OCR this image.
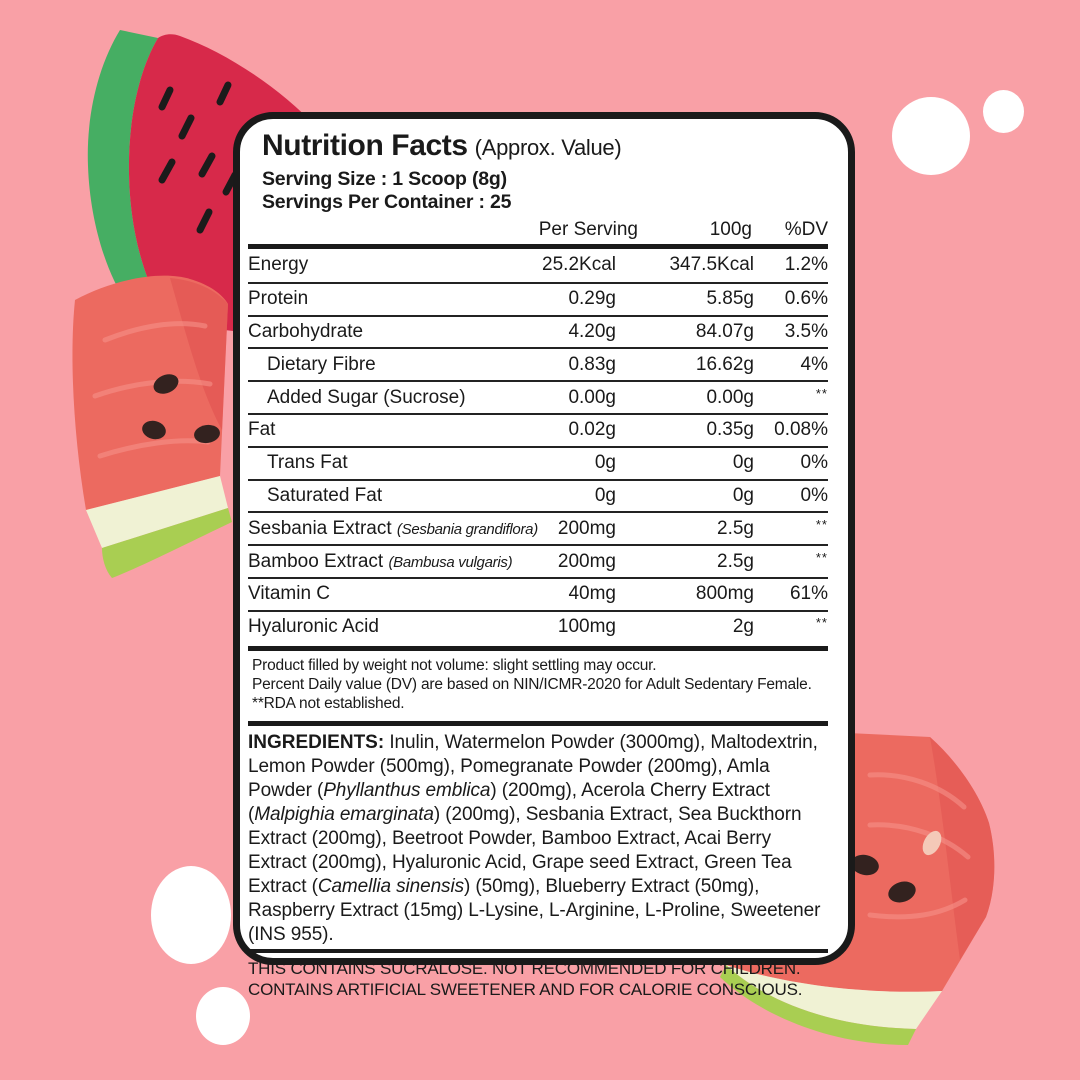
Nutrition Facts (Approx. Value)
Serving Size : 1 Scoop (8g)
Servings Per Container : 25
Per Serving	100g	%DV
Energy	25.2Kcal	347.5Kcal	1.2%
Protein	0.29g	5.85g	0.6%
Carbohydrate	4.20g	84.07g	3.5%
Dietary Fibre	0.83g	16.62g	4%
Added Sugar (Sucrose)	0.00g	0.00g	**
Fat	0.02g	0.35g	0.08%
Trans Fat	0g	0g	0%
Saturated Fat	0g	0g	0%
Sesbania Extract (Sesbania grandiflora)	200mg	2.5g	**
Bamboo Extract (Bambusa vulgaris)	200mg	2.5g	**
Vitamin C	40mg	800mg	61%
Hyaluronic Acid	100mg	2g	**
Product filled by weight not volume: slight settling may occur.
Percent Daily value (DV) are based on NIN/ICMR-2020 for Adult Sedentary Female.
**RDA not established.

INGREDIENTS: Inulin, Watermelon Powder (3000mg), Maltodextrin, Lemon Powder (500mg), Pomegranate Powder (200mg), Amla Powder (Phyllanthus emblica) (200mg), Acerola Cherry Extract (Malpighia emarginata) (200mg), Sesbania Extract, Sea Buckthorn Extract (200mg), Beetroot Powder, Bamboo Extract, Acai Berry Extract (200mg), Hyaluronic Acid, Grape seed Extract, Green Tea Extract (Camellia sinensis) (50mg), Blueberry Extract (50mg), Raspberry Extract (15mg) L-Lysine, L-Arginine, L-Proline, Sweetener (INS 955).

THIS CONTAINS SUCRALOSE. NOT RECOMMENDED FOR CHILDREN.
CONTAINS ARTIFICIAL SWEETENER AND FOR CALORIE CONSCIOUS.
